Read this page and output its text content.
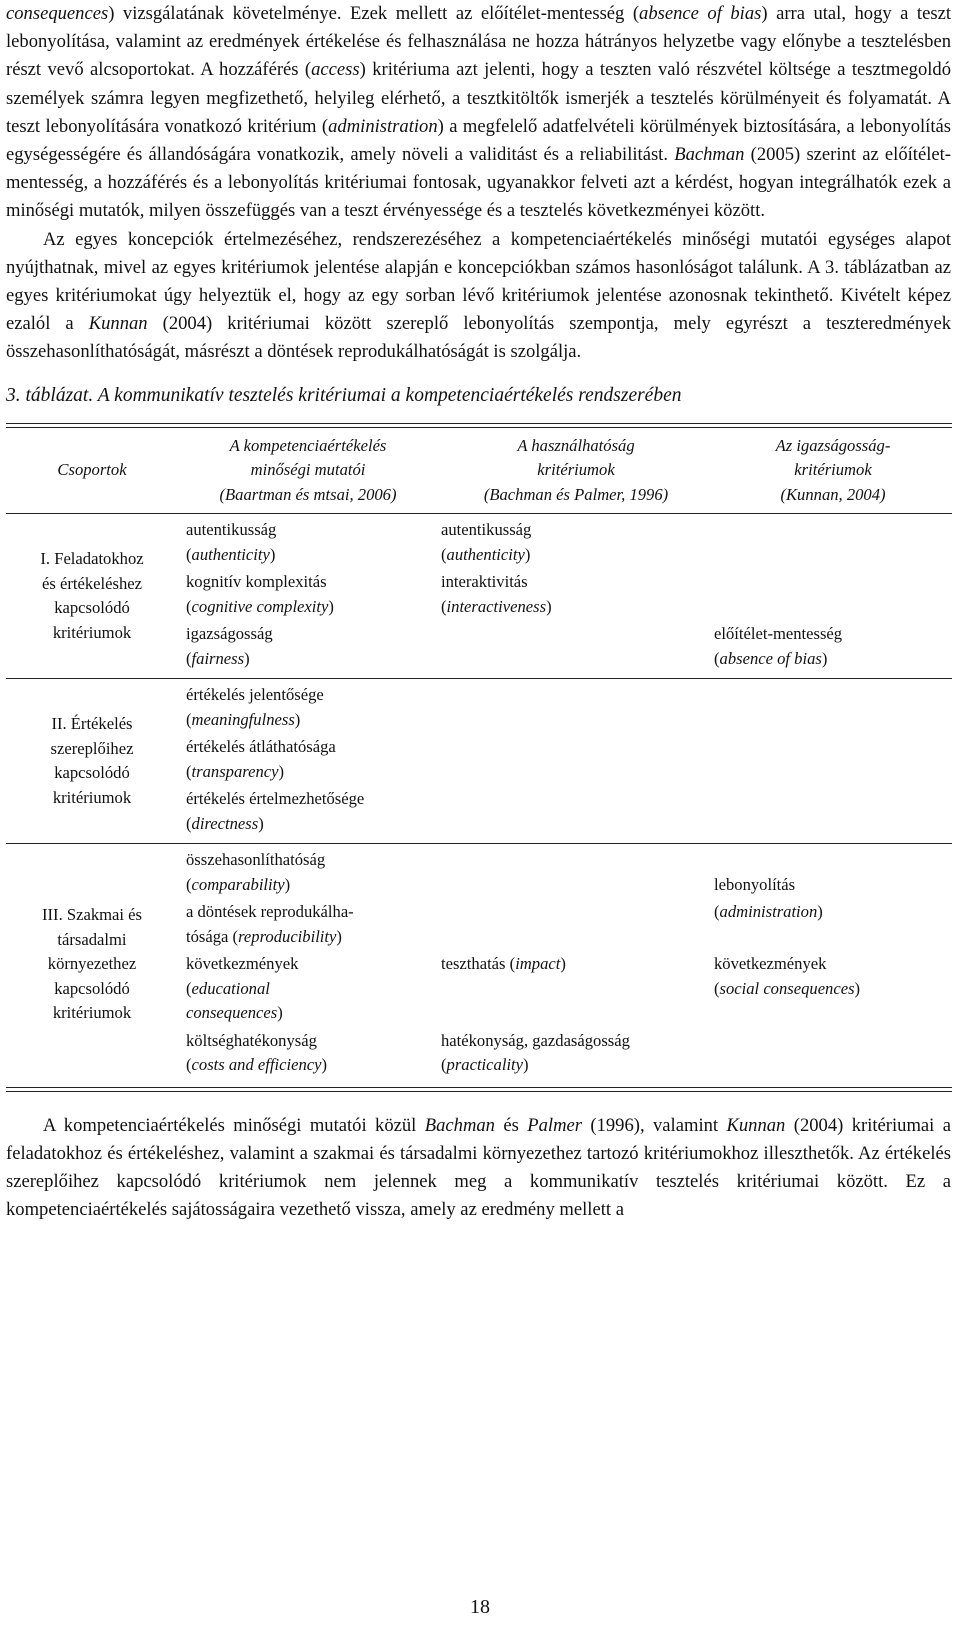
consequences) vizsgálatának követelménye. Ezek mellett az előítélet-mentesség (absence of bias) arra utal, hogy a teszt lebonyolítása, valamint az eredmények értékelése és felhasználása ne hozza hátrányos helyzetbe vagy előnybe a tesztelésben részt vevő alcsoportokat. A hozzáférés (access) kritériuma azt jelenti, hogy a teszten való részvétel költsége a tesztmegoldó személyek számra legyen megfizethető, helyileg elérhető, a tesztkitöltők ismerjék a tesztelés körülményeit és folyamatát. A teszt lebonyolítására vonatkozó kritérium (administration) a megfelelő adatfelvételi körülmények biztosítására, a lebonyolítás egységességére és állandóságára vonatkozik, amely növeli a validitást és a reliabilitást. Bachman (2005) szerint az előítélet-mentesség, a hozzáférés és a lebonyolítás kritériumai fontosak, ugyanakkor felveti azt a kérdést, hogyan integrálhatók ezek a minőségi mutatók, milyen összefüggés van a teszt érvényessége és a tesztelés következményei között.

Az egyes koncepciók értelmezéséhez, rendszerezéséhez a kompetenciaértékelés minőségi mutatói egységes alapot nyújthatnak, mivel az egyes kritériumok jelentése alapján e koncepciókban számos hasonlóságot találunk. A 3. táblázatban az egyes kritériumokat úgy helyeztük el, hogy az egy sorban lévő kritériumok jelentése azonosnak tekinthető. Kivételt képez ezalól a Kunnan (2004) kritériumai között szereplő lebonyolítás szempontja, mely egyrészt a teszteredmények összehasonlíthatóságát, másrészt a döntések reprodukálhatóságát is szolgálja.

3. táblázat. A kommunikatív tesztelés kritériumai a kompetenciaértékelés rendszerében
Csoportok
A kompetenciaértékelés
minőségi mutatói
(Baartman és mtsai, 2006)
A használhatóság
kritériumok
(Bachman és Palmer, 1996)
Az igazságosság-
kritériumok
(Kunnan, 2004)
I. Feladatokhoz
és értékeléshez
kapcsolódó
kritériumok
autentikusság
(authenticity)
autentikusság
(authenticity)
kognitív komplexitás
(cognitive complexity)
interaktivitás
(interactiveness)
igazságosság
(fairness)
előítélet-mentesség
(absence of bias)
II. Értékelés
szereplőihez
kapcsolódó
kritériumok
értékelés jelentősége
(meaningfulness)
értékelés átláthatósága
(transparency)
értékelés értelmezhetősége
(directness)
III. Szakmai és
társadalmi
környezethez
kapcsolódó
kritériumok
összehasonlíthatóság
(comparability)
	lebonyolítás
a döntések reprodukálha-
tósága (reproducibility)
(administration)
következmények
(educational
consequences)
teszthatás (impact)	következmények
(social consequences)
költséghatékonyság
(costs and efficiency)
hatékonyság, gazdaságosság
(practicality)

A kompetenciaértékelés minőségi mutatói közül Bachman és Palmer (1996), valamint Kunnan (2004) kritériumai a feladatokhoz és értékeléshez, valamint a szakmai és társadalmi környezethez tartozó kritériumokhoz illeszthetők. Az értékelés szereplőihez kapcsolódó kritériumok nem jelennek meg a kommunikatív tesztelés kritériumai között. Ez a kompetenciaértékelés sajátosságaira vezethető vissza, amely az eredmény mellett a

18
